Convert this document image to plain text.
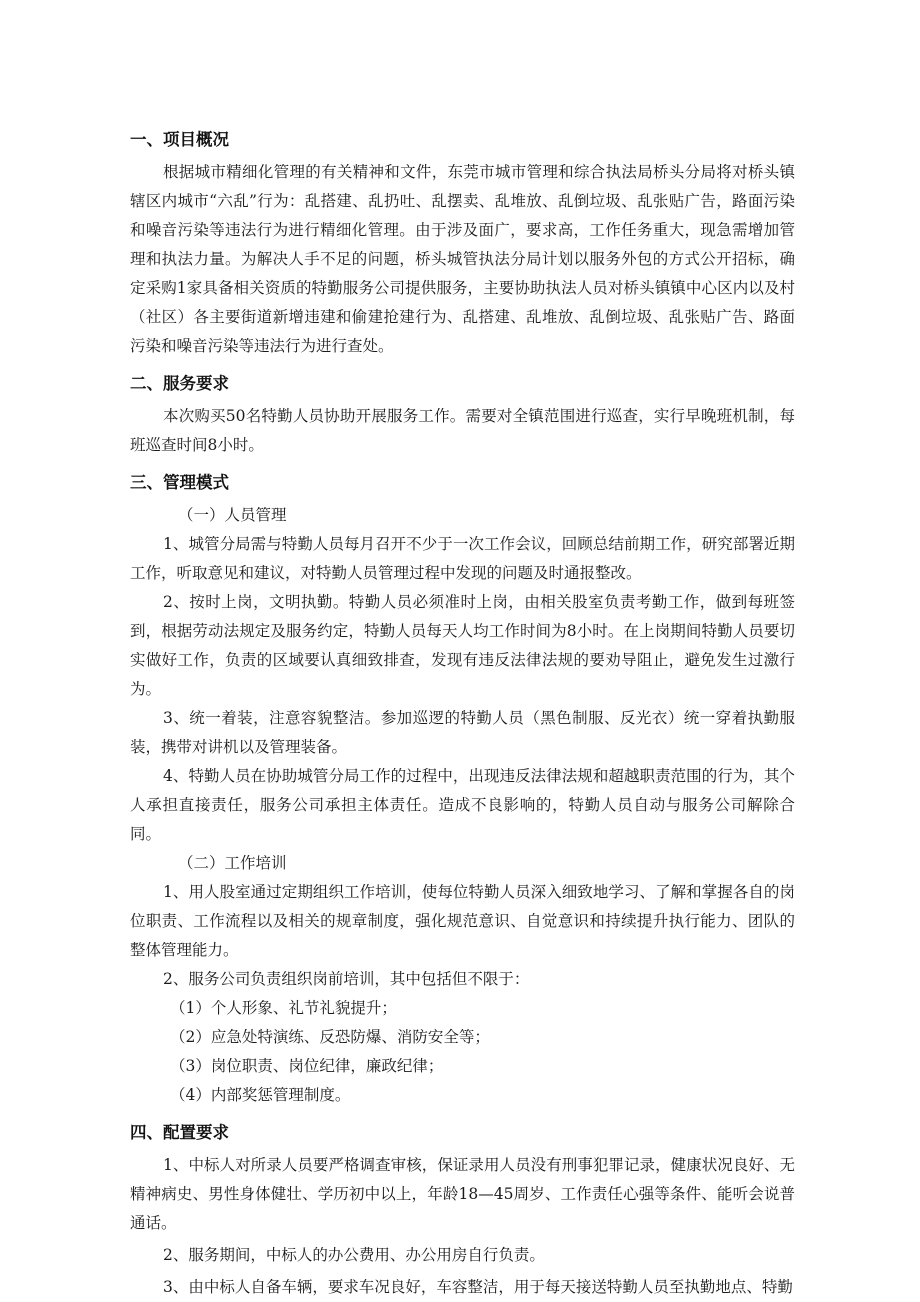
一、项目概况

根据城市精细化管理的有关精神和文件，东莞市城市管理和综合执法局桥头分局将对桥头镇辖区内城市“六乱”行为：乱搭建、乱扔吐、乱摆卖、乱堆放、乱倒垃圾、乱张贴广告，路面污染和噪音污染等违法行为进行精细化管理。由于涉及面广，要求高，工作任务重大，现急需增加管理和执法力量。为解决人手不足的问题，桥头城管执法分局计划以服务外包的方式公开招标，确定采购1家具备相关资质的特勤服务公司提供服务，主要协助执法人员对桥头镇镇中心区内以及村（社区）各主要街道新增违建和偷建抢建行为、乱搭建、乱堆放、乱倒垃圾、乱张贴广告、路面污染和噪音污染等违法行为进行查处。

二、服务要求

本次购买50名特勤人员协助开展服务工作。需要对全镇范围进行巡查，实行早晚班机制，每班巡查时间8小时。

三、管理模式

（一）人员管理

1、城管分局需与特勤人员每月召开不少于一次工作会议，回顾总结前期工作，研究部署近期工作，听取意见和建议，对特勤人员管理过程中发现的问题及时通报整改。

2、按时上岗，文明执勤。特勤人员必须准时上岗，由相关股室负责考勤工作，做到每班签到，根据劳动法规定及服务约定，特勤人员每天人均工作时间为8小时。在上岗期间特勤人员要切实做好工作，负责的区域要认真细致排查，发现有违反法律法规的要劝导阻止，避免发生过激行为。

3、统一着装，注意容貌整洁。参加巡逻的特勤人员（黑色制服、反光衣）统一穿着执勤服装，携带对讲机以及管理装备。

4、特勤人员在协助城管分局工作的过程中，出现违反法律法规和超越职责范围的行为，其个人承担直接责任，服务公司承担主体责任。造成不良影响的，特勤人员自动与服务公司解除合同。

（二）工作培训

1、用人股室通过定期组织工作培训，使每位特勤人员深入细致地学习、了解和掌握各自的岗位职责、工作流程以及相关的规章制度，强化规范意识、自觉意识和持续提升执行能力、团队的整体管理能力。

2、服务公司负责组织岗前培训，其中包括但不限于：

（1）个人形象、礼节礼貌提升；

（2）应急处特演练、反恐防爆、消防安全等；

（3）岗位职责、岗位纪律，廉政纪律；

（4）内部奖惩管理制度。

四、配置要求

1、中标人对所录人员要严格调查审核，保证录用人员没有刑事犯罪记录，健康状况良好、无精神病史、男性身体健壮、学历初中以上，年龄18—45周岁、工作责任心强等条件、能听会说普通话。

2、服务期间，中标人的办公费用、办公用房自行负责。

3、由中标人自备车辆，要求车况良好，车容整洁，用于每天接送特勤人员至执勤地点、特勤
